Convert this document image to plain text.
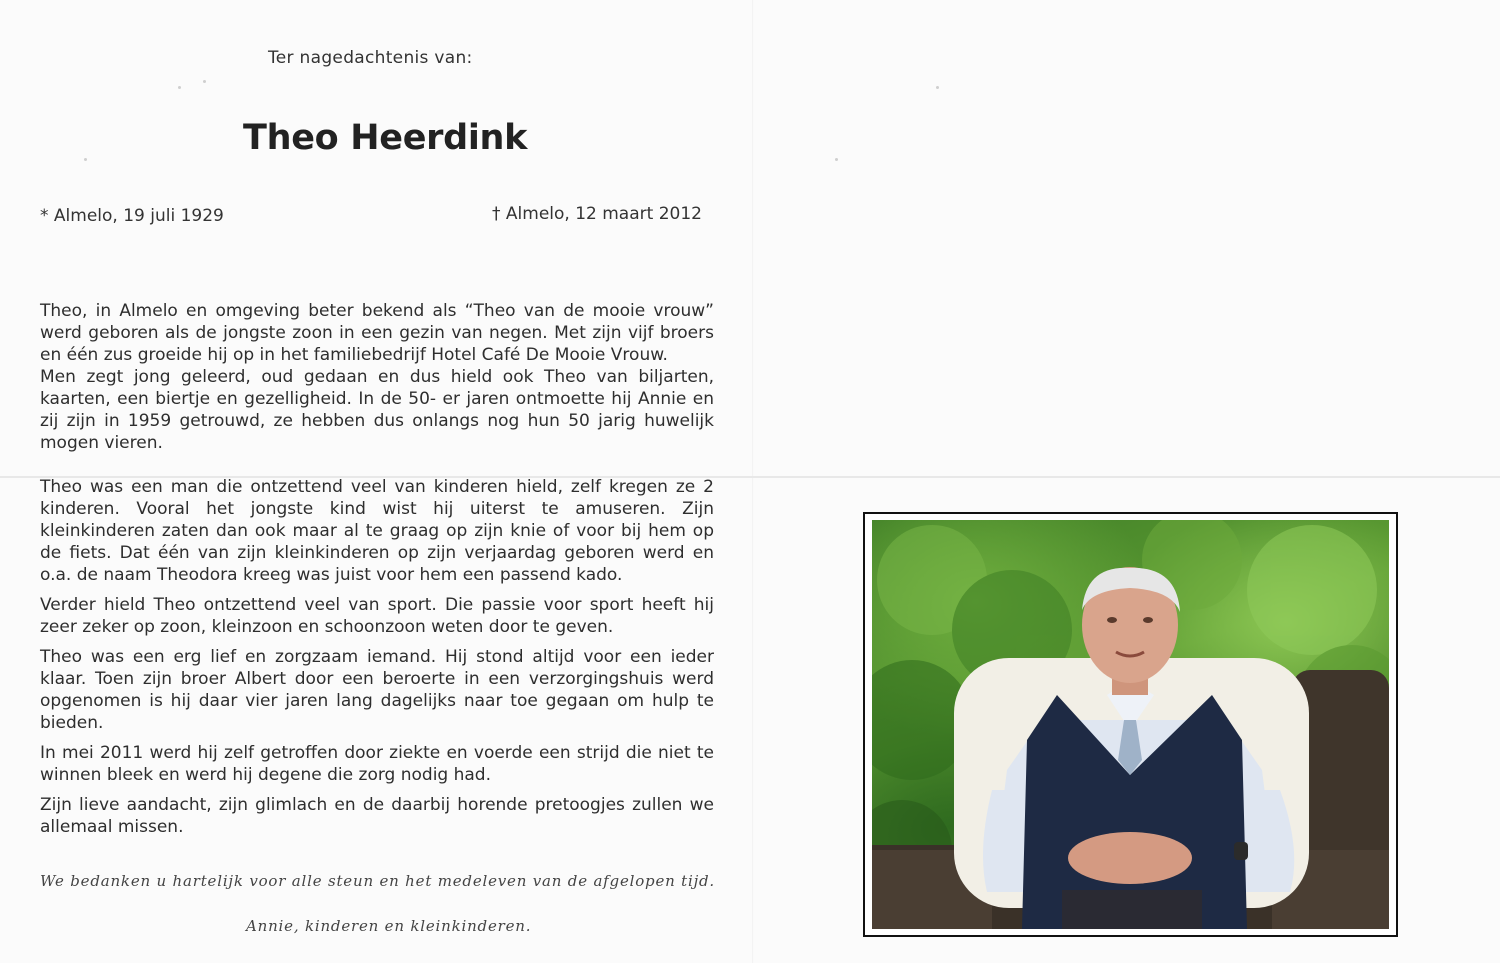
Ter nagedachtenis van:
Theo Heerdink
* Almelo, 19 juli 1929	† Almelo, 12 maart 2012

Theo, in Almelo en omgeving beter bekend als “Theo van de mooie vrouw” werd geboren als de jongste zoon in een gezin van negen. Met zijn vijf broers en één zus groeide hij op in het familiebedrijf Hotel Café De Mooie Vrouw.

Men zegt jong geleerd, oud gedaan en dus hield ook Theo van biljarten, kaarten, een biertje en gezelligheid. In de 50- er jaren ontmoette hij Annie en zij zijn in 1959 getrouwd, ze hebben dus onlangs nog hun 50 jarig huwelijk mogen vieren.

Theo was een man die ontzettend veel van kinderen hield, zelf kregen ze 2 kinderen. Vooral het jongste kind wist hij uiterst te amuseren. Zijn kleinkinderen zaten dan ook maar al te graag op zijn knie of voor bij hem op de fiets. Dat één van zijn kleinkinderen op zijn verjaardag geboren werd en o.a. de naam Theodora kreeg was juist voor hem een passend kado.

Verder hield Theo ontzettend veel van sport. Die passie voor sport heeft hij zeer zeker op zoon, kleinzoon en schoonzoon weten door te geven.

Theo was een erg lief en zorgzaam iemand. Hij stond altijd voor een ieder klaar. Toen zijn broer Albert door een beroerte in een verzorgingshuis werd opgenomen is hij daar vier jaren lang dagelijks naar toe gegaan om hulp te bieden.

In mei 2011 werd hij zelf getroffen door ziekte en voerde een strijd die niet te winnen bleek en werd hij degene die zorg nodig had.

Zijn lieve aandacht, zijn glimlach en de daarbij horende pretoogjes zullen we allemaal missen.

We bedanken u hartelijk voor alle steun en het medeleven van de afgelopen tijd.
Annie, kinderen en kleinkinderen.
